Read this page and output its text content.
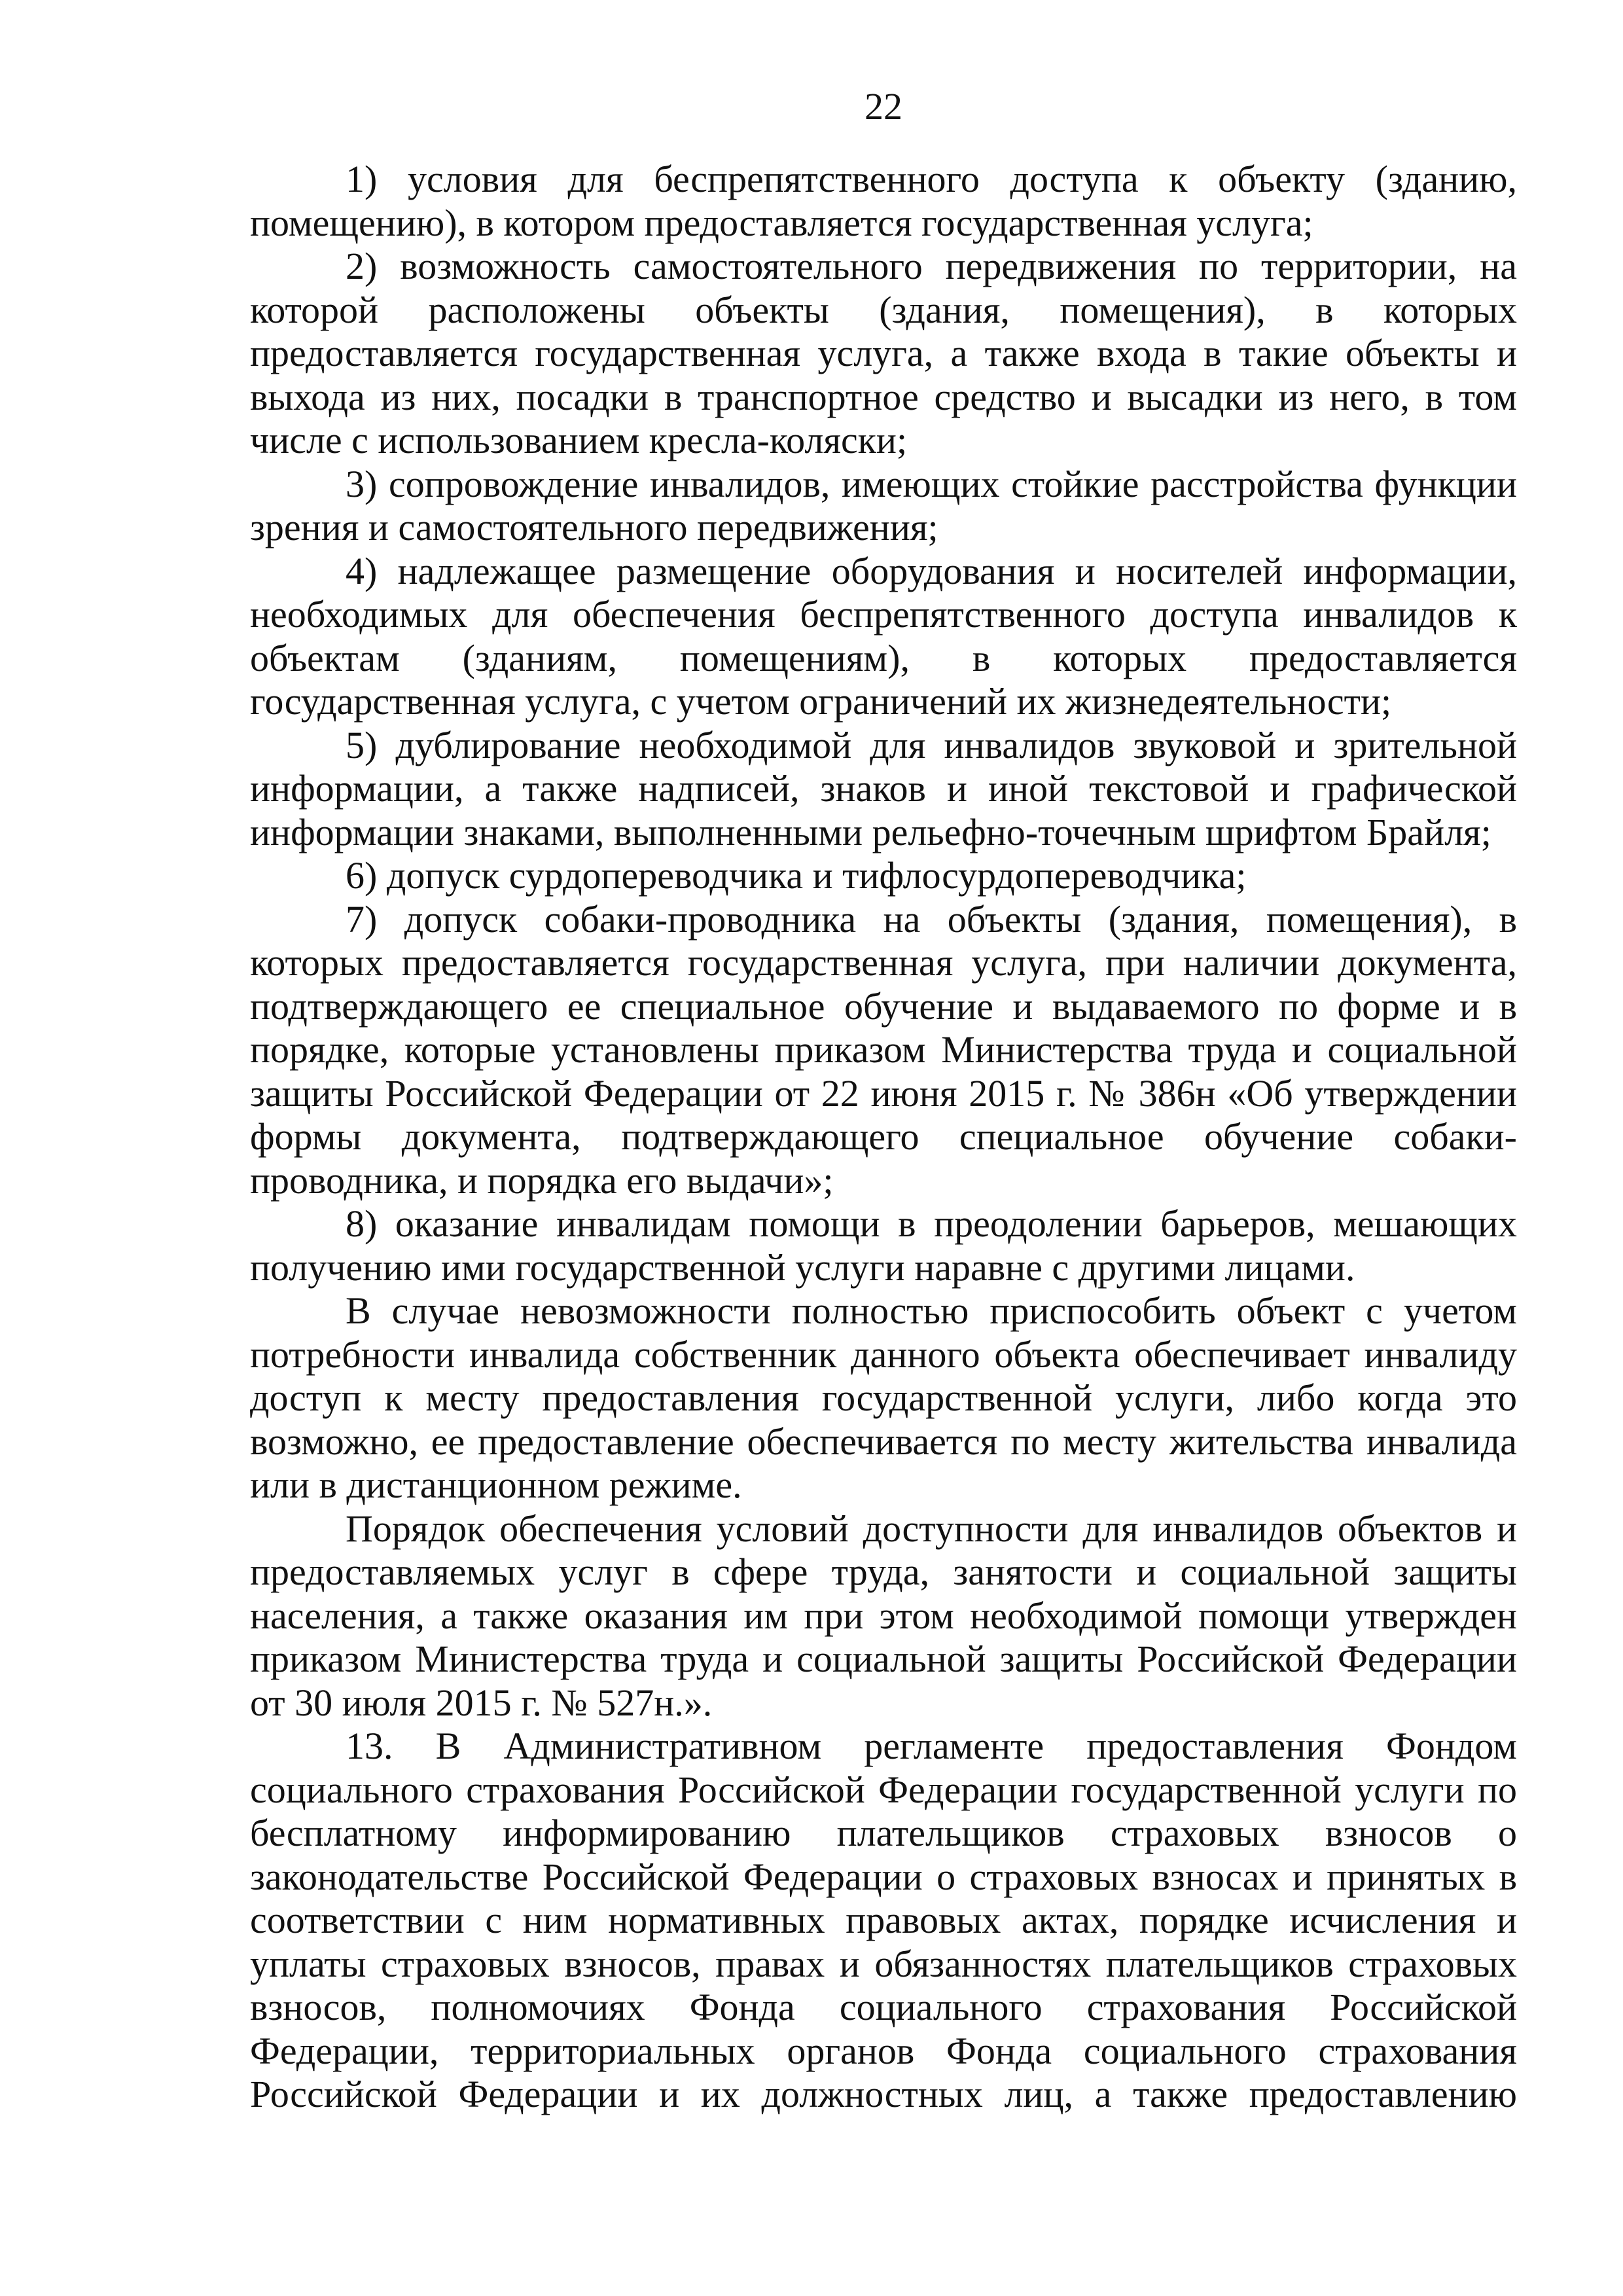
22

1) условия для беспрепятственного доступа к объекту (зданию, помещению), в котором предоставляется государственная услуга;

2) возможность самостоятельного передвижения по территории, на которой расположены объекты (здания, помещения), в которых предоставляется государственная услуга, а также входа в такие объекты и выхода из них, посадки в транспортное средство и высадки из него, в том числе с использованием кресла-коляски;

3) сопровождение инвалидов, имеющих стойкие расстройства функции зрения и самостоятельного передвижения;

4) надлежащее размещение оборудования и носителей информации, необходимых для обеспечения беспрепятственного доступа инвалидов к объектам (зданиям, помещениям), в которых предоставляется государственная услуга, с учетом ограничений их жизнедеятельности;

5) дублирование необходимой для инвалидов звуковой и зрительной информации, а также надписей, знаков и иной текстовой и графической информации знаками, выполненными рельефно-точечным шрифтом Брайля;

6) допуск сурдопереводчика и тифлосурдопереводчика;

7) допуск собаки-проводника на объекты (здания, помещения), в которых предоставляется государственная услуга, при наличии документа, подтверждающего ее специальное обучение и выдаваемого по форме и в порядке, которые установлены приказом Министерства труда и социальной защиты Российской Федерации от 22 июня 2015 г. № 386н «Об утверждении формы документа, подтверждающего специальное обучение собаки-проводника, и порядка его выдачи»;

8) оказание инвалидам помощи в преодолении барьеров, мешающих получению ими государственной услуги наравне с другими лицами.

В случае невозможности полностью приспособить объект с учетом потребности инвалида собственник данного объекта обеспечивает инвалиду доступ к месту предоставления государственной услуги, либо когда это возможно, ее предоставление обеспечивается по месту жительства инвалида или в дистанционном режиме.

Порядок обеспечения условий доступности для инвалидов объектов и предоставляемых услуг в сфере труда, занятости и социальной защиты населения, а также оказания им при этом необходимой помощи утвержден приказом Министерства труда и социальной защиты Российской Федерации от 30 июля 2015 г. № 527н.».

13. В Административном регламенте предоставления Фондом социального страхования Российской Федерации государственной услуги по бесплатному информированию плательщиков страховых взносов о законодательстве Российской Федерации о страховых взносах и принятых в соответствии с ним нормативных правовых актах, порядке исчисления и уплаты страховых взносов, правах и обязанностях плательщиков страховых взносов, полномочиях Фонда социального страхования Российской Федерации, территориальных органов Фонда социального страхования Российской Федерации и их должностных лиц, а также предоставлению
